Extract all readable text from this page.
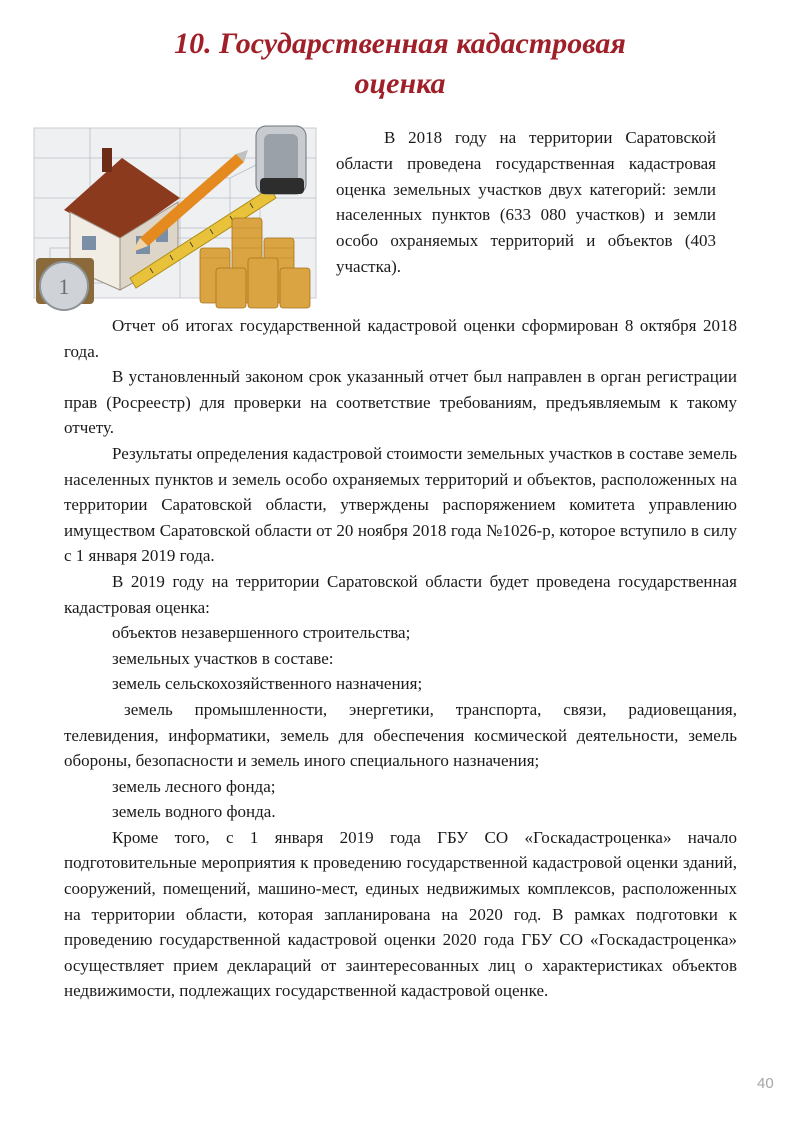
10. Государственная кадастровая
оценка
1

В 2018 году на территории Саратовской области проведена государственная кадастровая оценка земельных участков двух категорий: земли населенных пунктов (633 080 участков) и земли особо охраняемых территорий и объектов (403 участка).

Отчет об итогах государственной кадастровой оценки сформирован 8 октября 2018 года.

В установленный законом срок указанный отчет был направлен в орган регистрации прав (Росреестр) для проверки на соответствие требованиям, предъявляемым к такому отчету.

Результаты определения кадастровой стоимости земельных участков в составе земель населенных пунктов и земель особо охраняемых территорий и объектов, расположенных на территории Саратовской области, утверждены распоряжением комитета управлению имуществом Саратовской области от 20 ноября 2018 года №1026-р, которое вступило в силу с 1 января 2019 года.

В 2019 году на территории Саратовской области будет проведена государственная кадастровая оценка:

объектов незавершенного строительства;

земельных участков в составе:

земель сельскохозяйственного назначения;

земель промышленности, энергетики, транспорта, связи, радиовещания, телевидения, информатики, земель для обеспечения космической деятельности, земель обороны, безопасности и земель иного специального назначения;

земель лесного фонда;

земель водного фонда.

Кроме того, с 1 января 2019 года ГБУ СО «Госкадастроценка» начало подготовительные мероприятия к проведению государственной кадастровой оценки зданий, сооружений, помещений, машино-мест, единых недвижимых комплексов, расположенных на территории области, которая запланирована на 2020 год. В рамках подготовки к проведению государственной кадастровой оценки 2020 года ГБУ СО «Госкадастроценка» осуществляет прием деклараций от заинтересованных лиц о характеристиках объектов недвижимости, подлежащих государственной кадастровой оценке.

40
